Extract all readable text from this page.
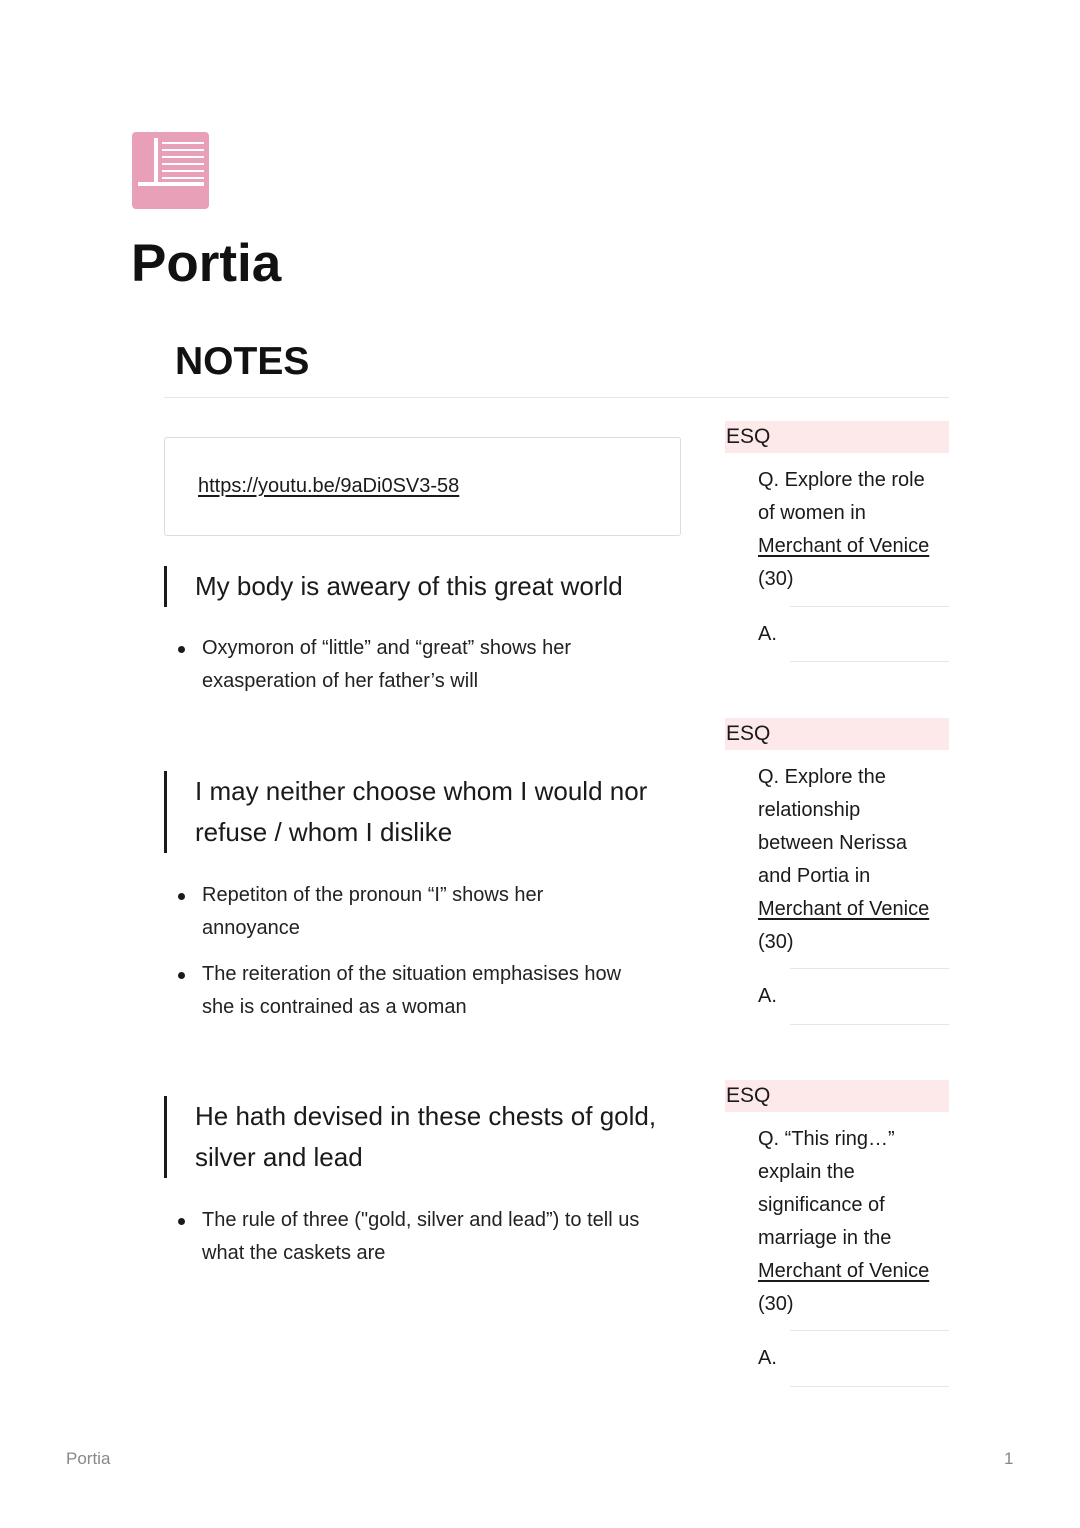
Portia
NOTES
https://youtu.be/9aDi0SV3-58
My body is aweary of this great world
Oxymoron of “little” and “great” shows her
exasperation of her father’s will
I may neither choose whom I would nor
refuse / whom I dislike
Repetiton of the pronoun “I” shows her
annoyance
The reiteration of the situation emphasises how
she is contrained as a woman
He hath devised in these chests of gold,
silver and lead
The rule of three ("gold, silver and lead”) to tell us
what the caskets are
ESQ
Q. Explore the role
of women in
Merchant of Venice
(30)
A.
ESQ
Q. Explore the
relationship
between Nerissa
and Portia in
Merchant of Venice
(30)
A.
ESQ
Q. “This ring…”
explain the
significance of
marriage in the
Merchant of Venice
(30)
A.
Portia	1
